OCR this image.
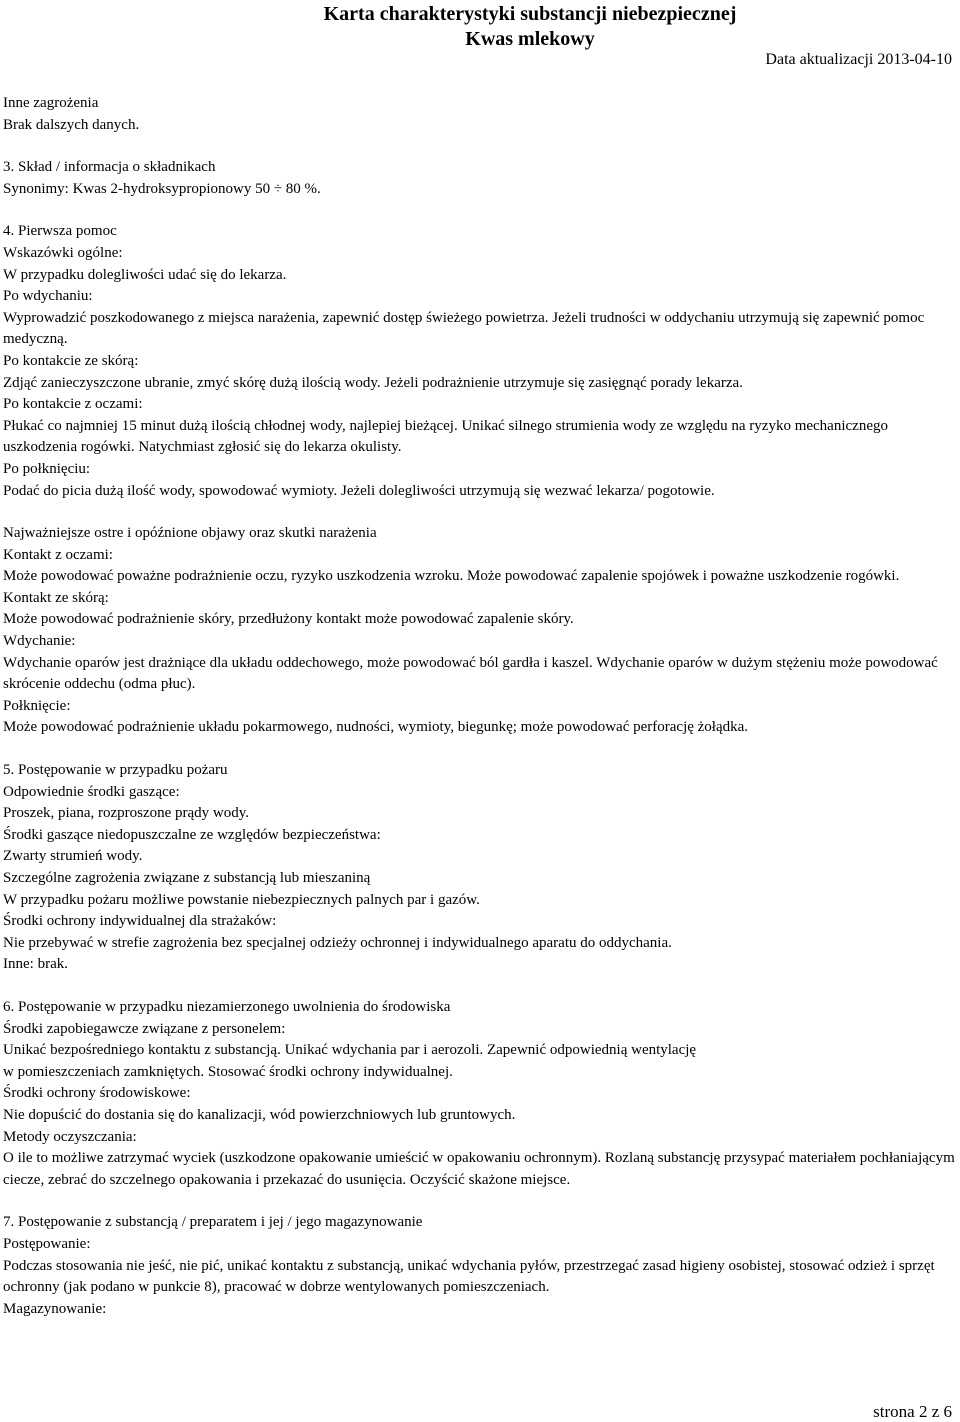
Karta charakterystyki substancji niebezpiecznej
Kwas mlekowy
Data aktualizacji 2013-04-10
Inne zagrożenia
Brak dalszych danych.
3. Skład / informacja o składnikach
Synonimy: Kwas 2-hydroksypropionowy 50 ÷ 80 %.
4. Pierwsza pomoc
Wskazówki ogólne:
W przypadku dolegliwości udać się do lekarza.
Po wdychaniu:
Wyprowadzić poszkodowanego z miejsca narażenia, zapewnić dostęp świeżego powietrza. Jeżeli trudności w oddychaniu utrzymują się zapewnić pomoc medyczną.
Po kontakcie ze skórą:
Zdjąć zanieczyszczone ubranie, zmyć skórę dużą ilością wody. Jeżeli podrażnienie utrzymuje się zasięgnąć porady lekarza.
Po kontakcie z oczami:
Płukać co najmniej 15 minut dużą ilością chłodnej wody, najlepiej bieżącej. Unikać silnego strumienia wody ze względu na ryzyko mechanicznego uszkodzenia rogówki. Natychmiast zgłosić się do lekarza okulisty.
Po połknięciu:
Podać do picia dużą ilość wody, spowodować wymioty. Jeżeli dolegliwości utrzymują się wezwać lekarza/ pogotowie.
Najważniejsze ostre i opóźnione objawy oraz skutki narażenia
Kontakt z oczami:
Może powodować poważne podrażnienie oczu, ryzyko uszkodzenia wzroku. Może powodować zapalenie spojówek i poważne uszkodzenie rogówki.
Kontakt ze skórą:
Może powodować podrażnienie skóry, przedłużony kontakt może powodować zapalenie skóry.
Wdychanie:
Wdychanie oparów jest drażniące dla układu oddechowego, może powodować ból gardła i kaszel. Wdychanie oparów w dużym stężeniu może powodować skrócenie oddechu (odma płuc).
Połknięcie:
Może powodować podrażnienie układu pokarmowego, nudności, wymioty, biegunkę; może powodować perforację żołądka.
5. Postępowanie w przypadku pożaru
Odpowiednie środki gaszące:
Proszek, piana, rozproszone prądy wody.
Środki gaszące niedopuszczalne ze względów bezpieczeństwa:
Zwarty strumień wody.
Szczególne zagrożenia związane z substancją lub mieszaniną
W przypadku pożaru możliwe powstanie niebezpiecznych palnych par i gazów.
Środki ochrony indywidualnej dla strażaków:
Nie przebywać w strefie zagrożenia bez specjalnej odzieży ochronnej i indywidualnego aparatu do oddychania.
Inne: brak.
6. Postępowanie w przypadku niezamierzonego uwolnienia do środowiska
Środki zapobiegawcze związane z personelem:
Unikać bezpośredniego kontaktu z substancją. Unikać wdychania par i aerozoli. Zapewnić odpowiednią wentylację
w pomieszczeniach zamkniętych. Stosować środki ochrony indywidualnej.
Środki ochrony środowiskowe:
Nie dopuścić do dostania się do kanalizacji, wód powierzchniowych lub gruntowych.
Metody oczyszczania:
O ile to możliwe zatrzymać wyciek (uszkodzone opakowanie umieścić w opakowaniu ochronnym). Rozlaną substancję przysypać materiałem pochłaniającym ciecze, zebrać do szczelnego opakowania i przekazać do usunięcia. Oczyścić skażone miejsce.
7. Postępowanie z substancją / preparatem i jej / jego magazynowanie
Postępowanie:
Podczas stosowania nie jeść, nie pić, unikać kontaktu z substancją, unikać wdychania pyłów, przestrzegać zasad higieny osobistej, stosować odzież i sprzęt ochronny (jak podano w punkcie 8), pracować w dobrze wentylowanych pomieszczeniach.
Magazynowanie:
strona 2 z 6
